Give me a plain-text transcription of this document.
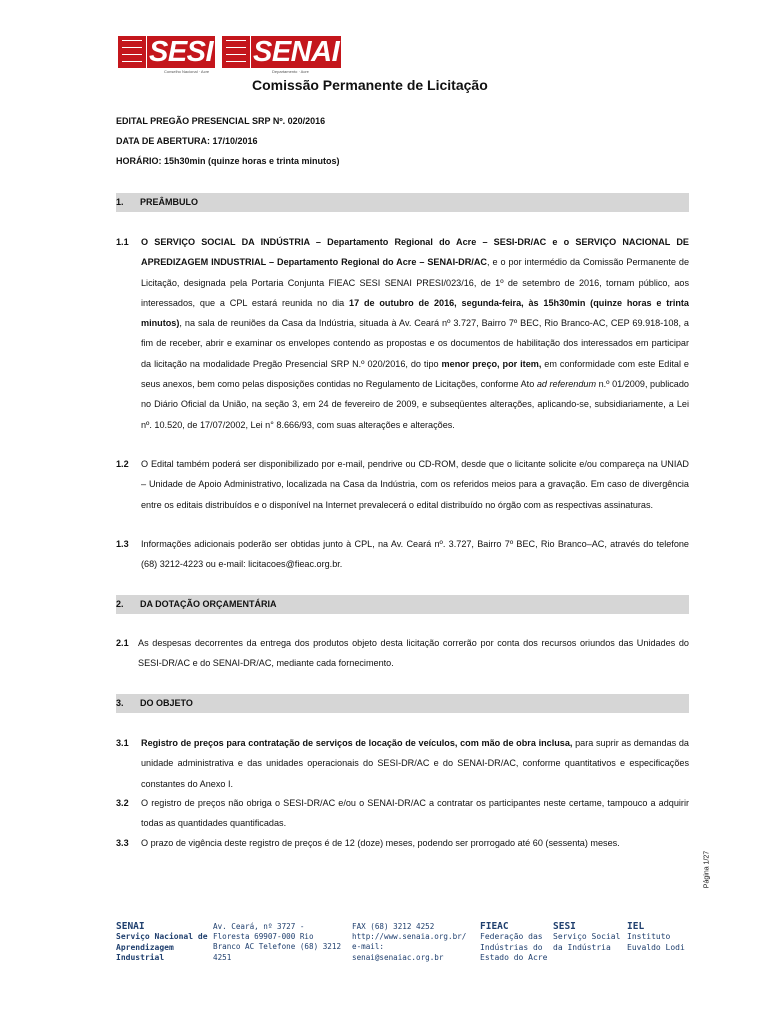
SESI
Conselho Nacional · Acre
SENAI
Departamento · Acre
Comissão Permanente de Licitação
EDITAL PREGÃO PRESENCIAL SRP Nº. 020/2016
DATA DE ABERTURA: 17/10/2016
HORÁRIO: 15h30min (quinze horas e trinta minutos)
1. PREÂMBULO
1.1 O SERVIÇO SOCIAL DA INDÚSTRIA – Departamento Regional do Acre – SESI-DR/AC e o SERVIÇO NACIONAL DE APREDIZAGEM INDUSTRIAL – Departamento Regional do Acre – SENAI-DR/AC, e o por intermédio da Comissão Permanente de Licitação, designada pela Portaria Conjunta FIEAC SESI SENAI PRESI/023/16, de 1º de setembro de 2016, tornam público, aos interessados, que a CPL estará reunida no dia 17 de outubro de 2016, segunda-feira, às 15h30min (quinze horas e trinta minutos), na sala de reuniões da Casa da Indústria, situada à Av. Ceará nº 3.727, Bairro 7º BEC, Rio Branco-AC, CEP 69.918-108, a fim de receber, abrir e examinar os envelopes contendo as propostas e os documentos de habilitação dos interessados em participar da licitação na modalidade Pregão Presencial SRP N.º 020/2016, do tipo menor preço, por item, em conformidade com este Edital e seus anexos, bem como pelas disposições contidas no Regulamento de Licitações, conforme Ato ad referendum n.º 01/2009, publicado no Diário Oficial da União, na seção 3, em 24 de fevereiro de 2009, e subseqüentes alterações, aplicando-se, subsidiariamente, a Lei nº. 10.520, de 17/07/2002, Lei n° 8.666/93, com suas alterações e alterações.
1.2 O Edital também poderá ser disponibilizado por e-mail, pendrive ou CD-ROM, desde que o licitante solicite e/ou compareça na UNIAD – Unidade de Apoio Administrativo, localizada na Casa da Indústria, com os referidos meios para a gravação. Em caso de divergência entre os editais distribuídos e o disponível na Internet prevalecerá o edital distribuído no órgão com as respectivas assinaturas.
1.3 Informações adicionais poderão ser obtidas junto à CPL, na Av. Ceará nº. 3.727, Bairro 7º BEC, Rio Branco–AC, através do telefone (68) 3212-4223 ou e-mail: licitacoes@fieac.org.br.
2. DA DOTAÇÃO ORÇAMENTÁRIA
2.1 As despesas decorrentes da entrega dos produtos objeto desta licitação correrão por conta dos recursos oriundos das Unidades do SESI-DR/AC e do SENAI-DR/AC, mediante cada fornecimento.
3. DO OBJETO
3.1 Registro de preços para contratação de serviços de locação de veículos, com mão de obra inclusa, para suprir as demandas da unidade administrativa e das unidades operacionais do SESI-DR/AC e do SENAI-DR/AC, conforme quantitativos e especificações constantes do Anexo I.
3.2 O registro de preços não obriga o SESI-DR/AC e/ou o SENAI-DR/AC a contratar os participantes neste certame, tampouco a adquirir todas as quantidades quantificadas.
3.3 O prazo de vigência deste registro de preços é de 12 (doze) meses, podendo ser prorrogado até 60 (sessenta) meses.
Página 1/27
SENAI
Serviço Nacional de Aprendizagem Industrial
Av. Ceará, nº 3727 - Floresta 69907-000 Rio Branco AC Telefone (68) 3212 4251
FAX (68) 3212 4252 http://www.senaia.org.br/ e-mail: senai@senaiac.org.br
FIEAC
Federação das Indústrias do Estado do Acre
SESI
Serviço Social da Indústria
IEL
Instituto Euvaldo Lodi
